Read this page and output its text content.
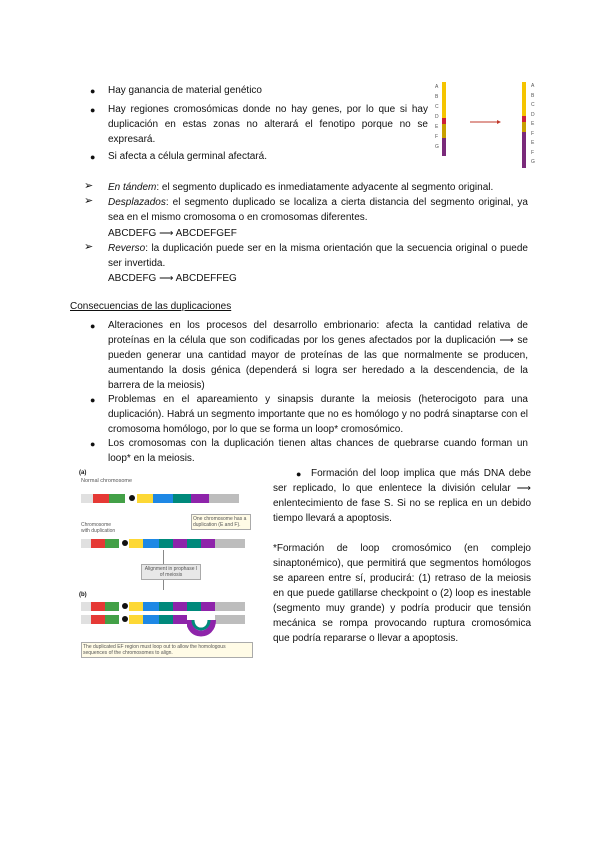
● Hay ganancia de material genético
● Hay regiones cromosómicas donde no hay genes, por lo que si hay duplicación en estas zonas no alterará el fenotipo porque no se expresará.
● Si afecta a célula germinal afectará.
A
B
C
D
E
F
G
A
B
C
D
E
F
E
F
G
➢ En tándem: el segmento duplicado es inmediatamente adyacente al segmento original.
➢ Desplazados: el segmento duplicado se localiza a cierta distancia del segmento original, ya sea en el mismo cromosoma o en cromosomas diferentes.
ABCDEFG ⟶ ABCDEFGEF
➢ Reverso: la duplicación puede ser en la misma orientación que la secuencia original o puede ser invertida.
ABCDEFG ⟶ ABCDEFFEG
Consecuencias de las duplicaciones
● Alteraciones en los procesos del desarrollo embrionario: afecta la cantidad relativa de proteínas en la célula que son codificadas por los genes afectados por la duplicación ⟶ se pueden generar una cantidad mayor de proteínas de las que normalmente se producen, aumentando la dosis génica (dependerá si logra ser heredado a la descendencia, de la barrera de la meiosis)
● Problemas en el apareamiento y sinapsis durante la meiosis (heterocigoto para una duplicación). Habrá un segmento importante que no es homólogo y no podrá sinaptarse con el cromosoma homólogo, por lo que se forma un loop* cromosómico.
● Los cromosomas con la duplicación tienen altas chances de quebrarse cuando forman un loop* en la meiosis.
(a)
Normal chromosome
Chromosome with duplication
One chromosome has a duplication (E and F).
Alignment in prophase I of meiosis
(b)
The duplicated EF region must loop out to allow the homologous sequences of the chromosomes to align.
● Formación del loop implica que más DNA debe ser replicado, lo que enlentece la división celular ⟶ enlentecimiento de fase S. Si no se replica en un debido tiempo llevará a apoptosis.
*Formación de loop cromosómico (en complejo sinaptonémico), que permitirá que segmentos homólogos se apareen entre sí, producirá: (1) retraso de la meiosis en que puede gatillarse checkpoint o (2) loop es inestable (segmento muy grande) y podría producir que tensión mecánica se rompa provocando ruptura cromosómica que podría repararse o llevar a apoptosis.
